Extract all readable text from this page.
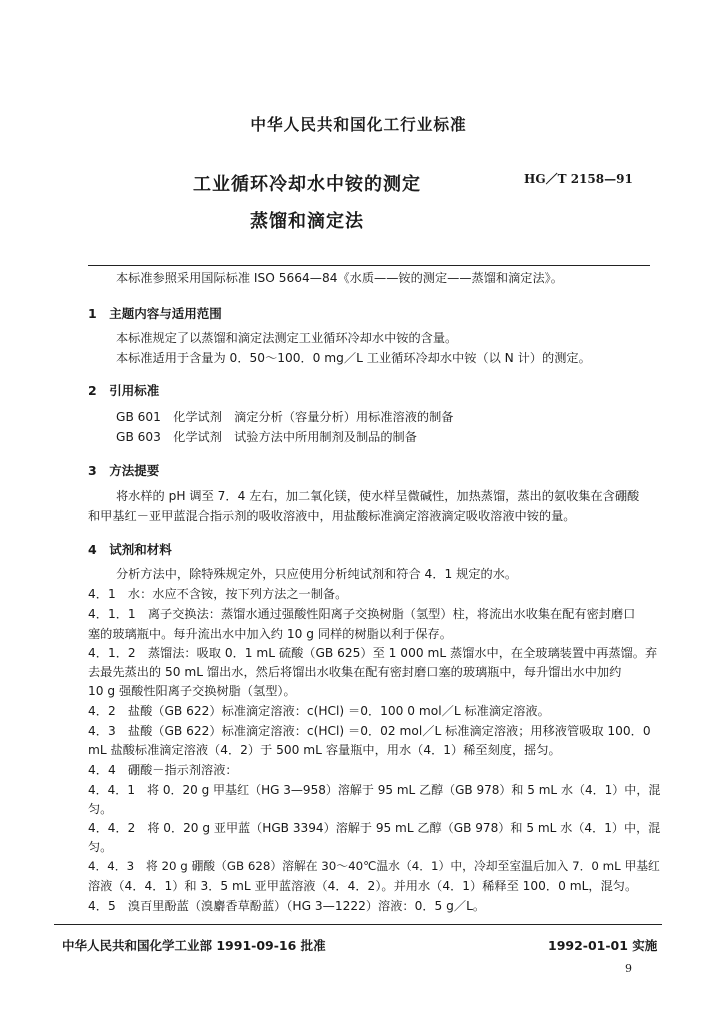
中华人民共和国化工行业标准
工业循环冷却水中铵的测定	HG／T 2158—91
蒸馏和滴定法
本标准参照采用国际标准 ISO 5664—84《水质——铵的测定——蒸馏和滴定法》。
1　主题内容与适用范围
本标准规定了以蒸馏和滴定法测定工业循环冷却水中铵的含量。
本标准适用于含量为 0．50～100．0 mg／L 工业循环冷却水中铵（以 N 计）的测定。
2　引用标准
GB 601　化学试剂　滴定分析（容量分析）用标准溶液的制备
GB 603　化学试剂　试验方法中所用制剂及制品的制备
3　方法提要
将水样的 pH 调至 7．4 左右，加二氧化镁，使水样呈微碱性，加热蒸馏，蒸出的氨收集在含硼酸
和甲基红－亚甲蓝混合指示剂的吸收溶液中，用盐酸标准滴定溶液滴定吸收溶液中铵的量。
4　试剂和材料
分析方法中，除特殊规定外，只应使用分析纯试剂和符合 4．1 规定的水。
4．1　水：水应不含铵，按下列方法之一制备。
4．1．1　离子交换法：蒸馏水通过强酸性阳离子交换树脂（氢型）柱，将流出水收集在配有密封磨口
塞的玻璃瓶中。每升流出水中加入约 10 g 同样的树脂以利于保存。
4．1．2　蒸馏法：吸取 0．1 mL 硫酸（GB 625）至 1 000 mL 蒸馏水中，在全玻璃装置中再蒸馏。弃
去最先蒸出的 50 mL 馏出水，然后将馏出水收集在配有密封磨口塞的玻璃瓶中，每升馏出水中加约
10 g 强酸性阳离子交换树脂（氢型）。
4．2　盐酸（GB 622）标准滴定溶液：c(HCl) ＝0．100 0 mol／L 标准滴定溶液。
4．3　盐酸（GB 622）标准滴定溶液：c(HCl) ＝0．02 mol／L 标准滴定溶液；用移液管吸取 100．0
mL 盐酸标准滴定溶液（4．2）于 500 mL 容量瓶中，用水（4．1）稀至刻度，摇匀。
4．4　硼酸－指示剂溶液：
4．4．1　将 0．20 g 甲基红（HG 3—958）溶解于 95 mL 乙醇（GB 978）和 5 mL 水（4．1）中，混
匀。
4．4．2　将 0．20 g 亚甲蓝（HGB 3394）溶解于 95 mL 乙醇（GB 978）和 5 mL 水（4．1）中，混
匀。
4．4．3　将 20 g 硼酸（GB 628）溶解在 30～40℃温水（4．1）中，冷却至室温后加入 7．0 mL 甲基红
溶液（4．4．1）和 3．5 mL 亚甲蓝溶液（4．4．2）。并用水（4．1）稀释至 100．0 mL，混匀。
4．5　溴百里酚蓝（溴麝香草酚蓝）（HG 3—1222）溶液：0．5 g／L。
中华人民共和国化学工业部 1991-09-16 批准	1992-01-01 实施
9
